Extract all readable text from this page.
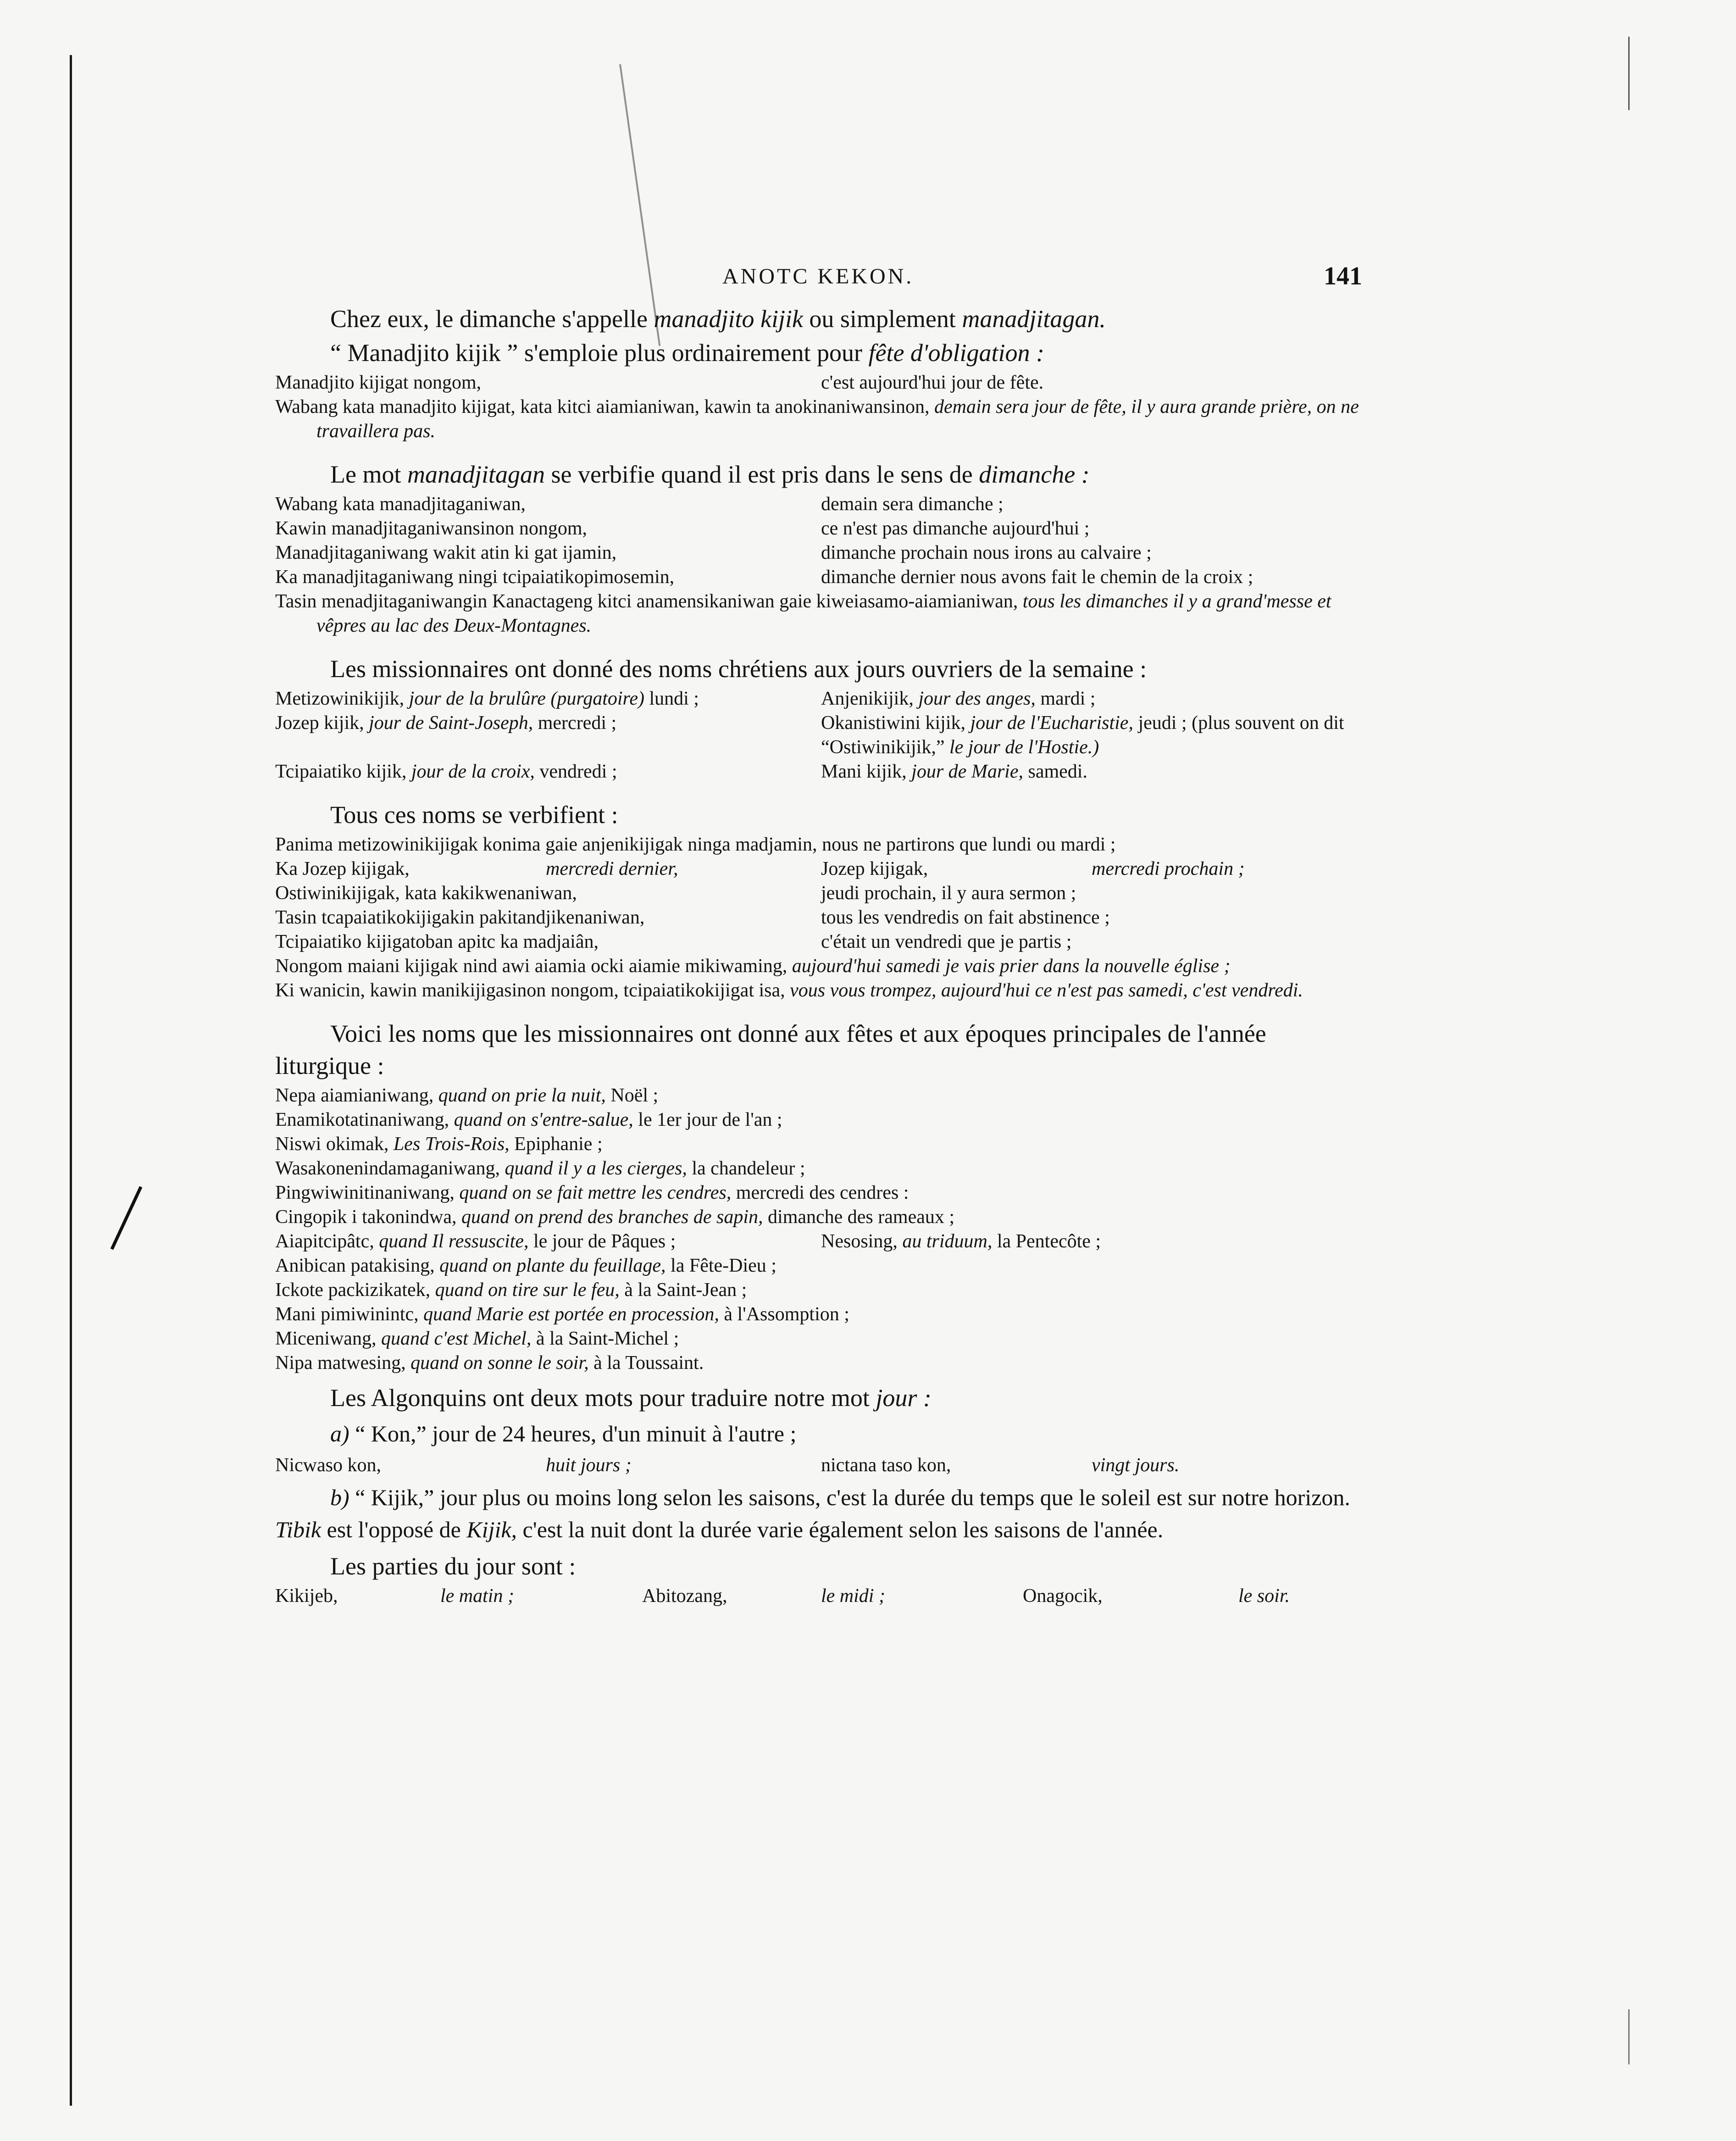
ANOTC KEKON.	141
Chez eux, le dimanche s'appelle manadjito kijik ou simplement manadjitagan.
“ Manadjito kijik ” s'emploie plus ordinairement pour fête d'obligation :
Manadjito kijigat nongom,	c'est aujourd'hui jour de fête.
Wabang kata manadjito kijigat, kata kitci aiamianiwan, kawin ta anokinaniwansinon, demain sera jour de fête, il y aura grande prière, on ne travaillera pas.
Le mot manadjitagan se verbifie quand il est pris dans le sens de dimanche :
Wabang kata manadjitaganiwan,	demain sera dimanche ;
Kawin manadjitaganiwansinon nongom,	ce n'est pas dimanche aujourd'hui ;
Manadjitaganiwang wakit atin ki gat ijamin,	dimanche prochain nous irons au calvaire ;
Ka manadjitaganiwang ningi tcipaiatikopimosemin,	dimanche dernier nous avons fait le chemin de la croix ;
Tasin menadjitaganiwangin Kanactageng kitci anamensikaniwan gaie kiweiasamo-aiamianiwan, tous les dimanches il y a grand'messe et vêpres au lac des Deux-Montagnes.
Les missionnaires ont donné des noms chrétiens aux jours ouvriers de la semaine :
Metizowinikijik, jour de la brulûre (purgatoire) lundi ;	Anjenikijik, jour des anges, mardi ;
Jozep kijik, jour de Saint-Joseph, mercredi ;	Okanistiwini kijik, jour de l'Eucharistie, jeudi ; (plus souvent on dit “Ostiwinikijik,” le jour de l'Hostie.)
Tcipaiatiko kijik, jour de la croix, vendredi ;	Mani kijik, jour de Marie, samedi.
Tous ces noms se verbifient :
Panima metizowinikijigak konima gaie anjenikijigak ninga madjamin, nous ne partirons que lundi ou mardi ;
Ka Jozep kijigak,	mercredi dernier,	Jozep kijigak,	mercredi prochain ;
Ostiwinikijigak, kata kakikwenaniwan,	jeudi prochain, il y aura sermon ;
Tasin tcapaiatikokijigakin pakitandjikenaniwan,	tous les vendredis on fait abstinence ;
Tcipaiatiko kijigatoban apitc ka madjaiân,	c'était un vendredi que je partis ;
Nongom maiani kijigak nind awi aiamia ocki aiamie mikiwaming, aujourd'hui samedi je vais prier dans la nouvelle église ;
Ki wanicin, kawin manikijigasinon nongom, tcipaiatikokijigat isa, vous vous trompez, aujourd'hui ce n'est pas samedi, c'est vendredi.
Voici les noms que les missionnaires ont donné aux fêtes et aux époques principales de l'année liturgique :
Nepa aiamianiwang, quand on prie la nuit, Noël ;
Enamikotatinaniwang, quand on s'entre-salue, le 1er jour de l'an ;
Niswi okimak, Les Trois-Rois, Epiphanie ;
Wasakonenindamaganiwang, quand il y a les cierges, la chandeleur ;
Pingwiwinitinaniwang, quand on se fait mettre les cendres, mercredi des cendres :
Cingopik i takonindwa, quand on prend des branches de sapin, dimanche des rameaux ;
Aiapitcipâtc, quand Il ressuscite, le jour de Pâques ;	Nesosing, au triduum, la Pentecôte ;
Anibican patakising, quand on plante du feuillage, la Fête-Dieu ;
Ickote packizikatek, quand on tire sur le feu, à la Saint-Jean ;
Mani pimiwinintc, quand Marie est portée en procession, à l'Assomption ;
Miceniwang, quand c'est Michel, à la Saint-Michel ;
Nipa matwesing, quand on sonne le soir, à la Toussaint.
Les Algonquins ont deux mots pour traduire notre mot jour :
a) “ Kon,” jour de 24 heures, d'un minuit à l'autre ;
Nicwaso kon,	huit jours ;	nictana taso kon,	vingt jours.
b) “ Kijik,” jour plus ou moins long selon les saisons, c'est la durée du temps que le soleil est sur notre horizon. Tibik est l'opposé de Kijik, c'est la nuit dont la durée varie également selon les saisons de l'année.
Les parties du jour sont :
Kikijeb,	le matin ;	Abitozang,	le midi ;	Onagocik,	le soir.
